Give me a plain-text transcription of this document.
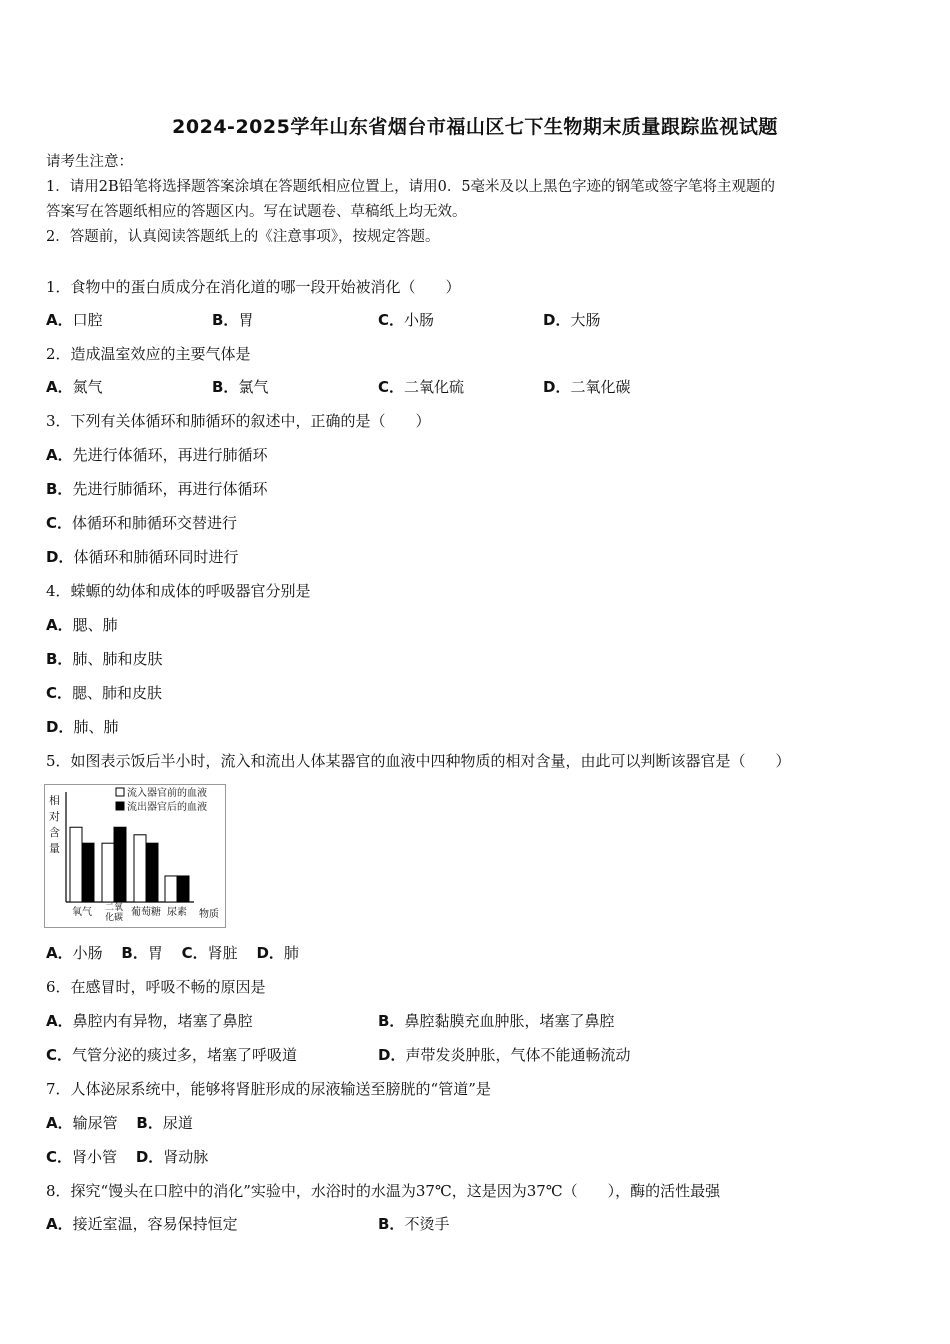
2024-2025学年山东省烟台市福山区七下生物期末质量跟踪监视试题
请考生注意：
1．请用2B铅笔将选择题答案涂填在答题纸相应位置上，请用0．5毫米及以上黑色字迹的钢笔或签字笔将主观题的
答案写在答题纸相应的答题区内。写在试题卷、草稿纸上均无效。
2．答题前，认真阅读答题纸上的《注意事项》，按规定答题。
1．食物中的蛋白质成分在消化道的哪一段开始被消化（　　）
A．口腔	B．胃	C．小肠	D．大肠
2．造成温室效应的主要气体是
A．氮气	B．氯气	C．二氧化硫	D．二氧化碳
3．下列有关体循环和肺循环的叙述中，正确的是（　　）
A．先进行体循环，再进行肺循环
B．先进行肺循环，再进行体循环
C．体循环和肺循环交替进行
D．体循环和肺循环同时进行
4．蝾螈的幼体和成体的呼吸器官分别是
A．腮、肺
B．肺、肺和皮肤
C．腮、肺和皮肤
D．肺、肺
5．如图表示饭后半小时，流入和流出人体某器官的血液中四种物质的相对含量，由此可以判断该器官是（　　）
相
对
含
量
物质
流入器官前的血液
流出器官后的血液
氧气 二氧
化碳 葡萄糖 尿素
A．小肠 B．胃 C．肾脏 D．肺
6．在感冒时，呼吸不畅的原因是
A．鼻腔内有异物，堵塞了鼻腔	B．鼻腔黏膜充血肿胀，堵塞了鼻腔
C．气管分泌的痰过多，堵塞了呼吸道	D．声带发炎肿胀，气体不能通畅流动
7．人体泌尿系统中，能够将肾脏形成的尿液输送至膀胱的“管道”是
A．输尿管 B．尿道
C．肾小管 D．肾动脉
8．探究“馒头在口腔中的消化”实验中，水浴时的水温为37℃，这是因为37℃（　　），酶的活性最强
A．接近室温，容易保持恒定	B．不烫手
